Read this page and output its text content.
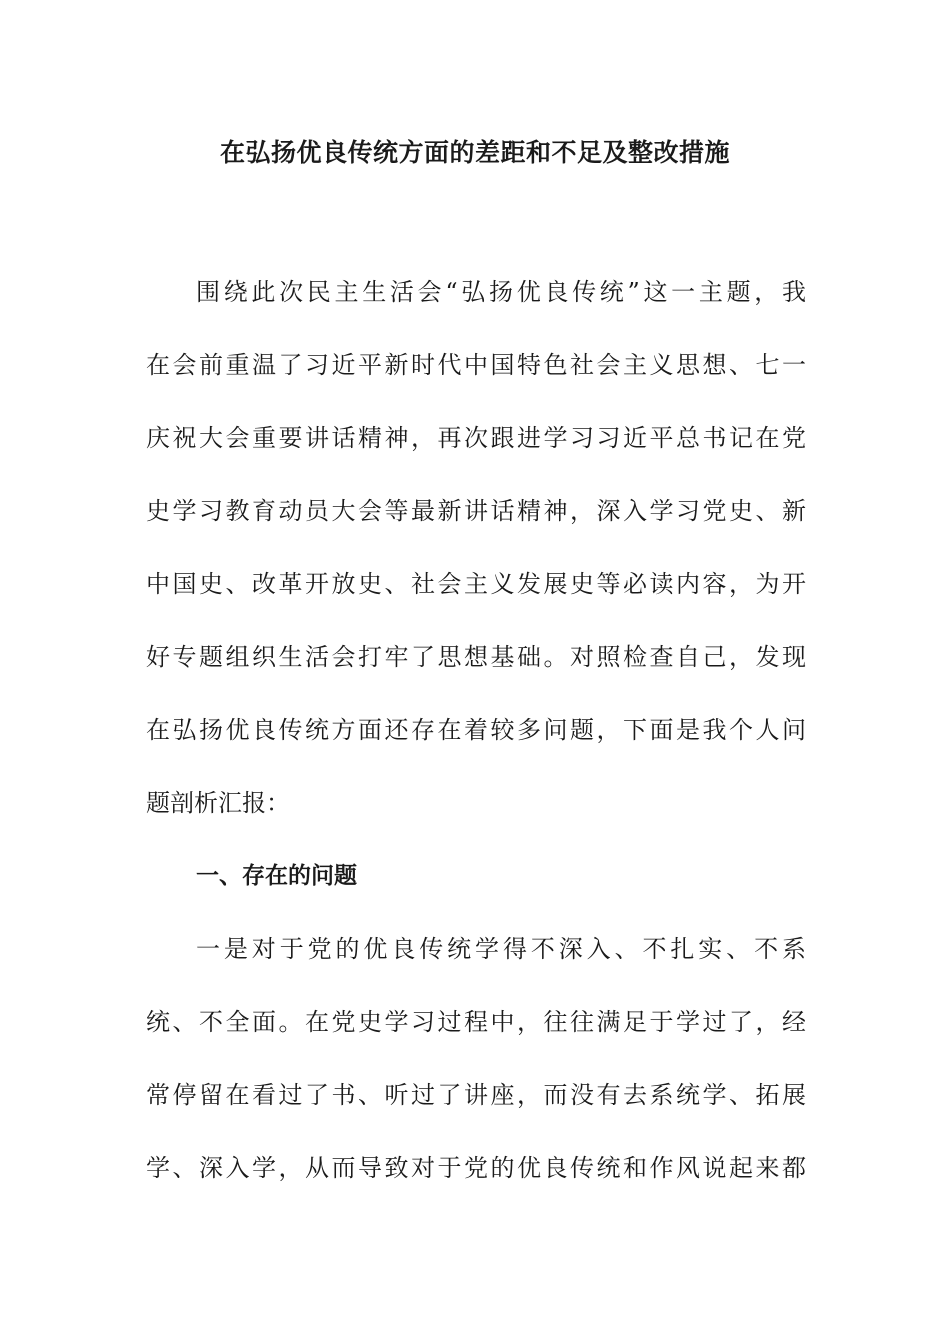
在弘扬优良传统方面的差距和不足及整改措施
围绕此次民主生活会“弘扬优良传统”这一主题，我
在会前重温了习近平新时代中国特色社会主义思想、七一
庆祝大会重要讲话精神，再次跟进学习习近平总书记在党
史学习教育动员大会等最新讲话精神，深入学习党史、新
中国史、改革开放史、社会主义发展史等必读内容，为开
好专题组织生活会打牢了思想基础。对照检查自己，发现
在弘扬优良传统方面还存在着较多问题，下面是我个人问
题剖析汇报：
一、存在的问题
一是对于党的优良传统学得不深入、不扎实、不系
统、不全面。在党史学习过程中，往往满足于学过了，经
常停留在看过了书、听过了讲座，而没有去系统学、拓展
学、深入学，从而导致对于党的优良传统和作风说起来都
